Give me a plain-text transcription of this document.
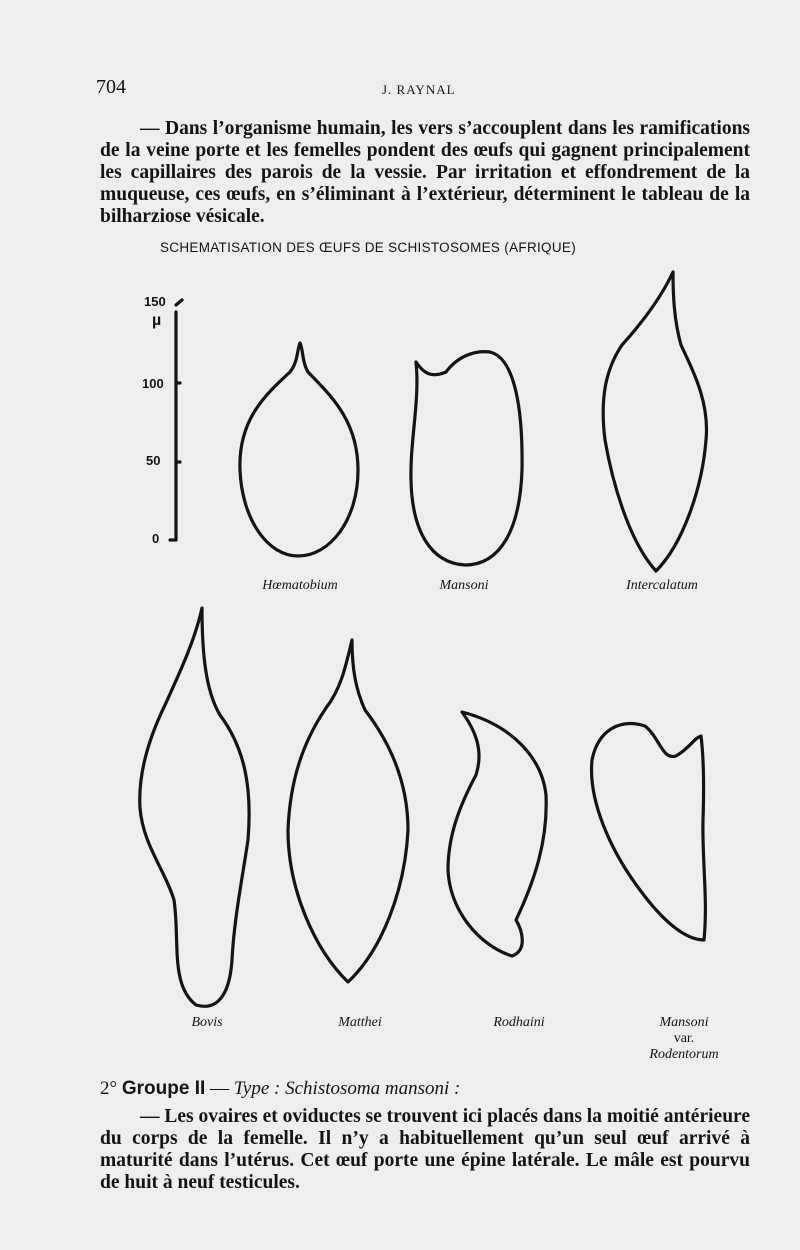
704	J. RAYNAL
— Dans l’organisme humain, les vers s’accouplent dans les ramifications de la veine porte et les femelles pondent des œufs qui gagnent principalement les capillaires des parois de la vessie. Par irritation et effondrement de la muqueuse, ces œufs, en s’éliminant à l’extérieur, déterminent le tableau de la bilharziose vésicale.
SCHEMATISATION DES ŒUFS DE SCHISTOSOMES (AFRIQUE)
150
µ
100
50
0
Hœmatobium	Mansoni	Intercalatum
Bovis	Matthei	Rodhaini	Mansoni
var.
Rodentorum
2° Groupe II — Type : Schistosoma mansoni :
— Les ovaires et oviductes se trouvent ici placés dans la moitié antérieure du corps de la femelle. Il n’y a habituellement qu’un seul œuf arrivé à maturité dans l’utérus. Cet œuf porte une épine latérale. Le mâle est pourvu de huit à neuf testicules.
